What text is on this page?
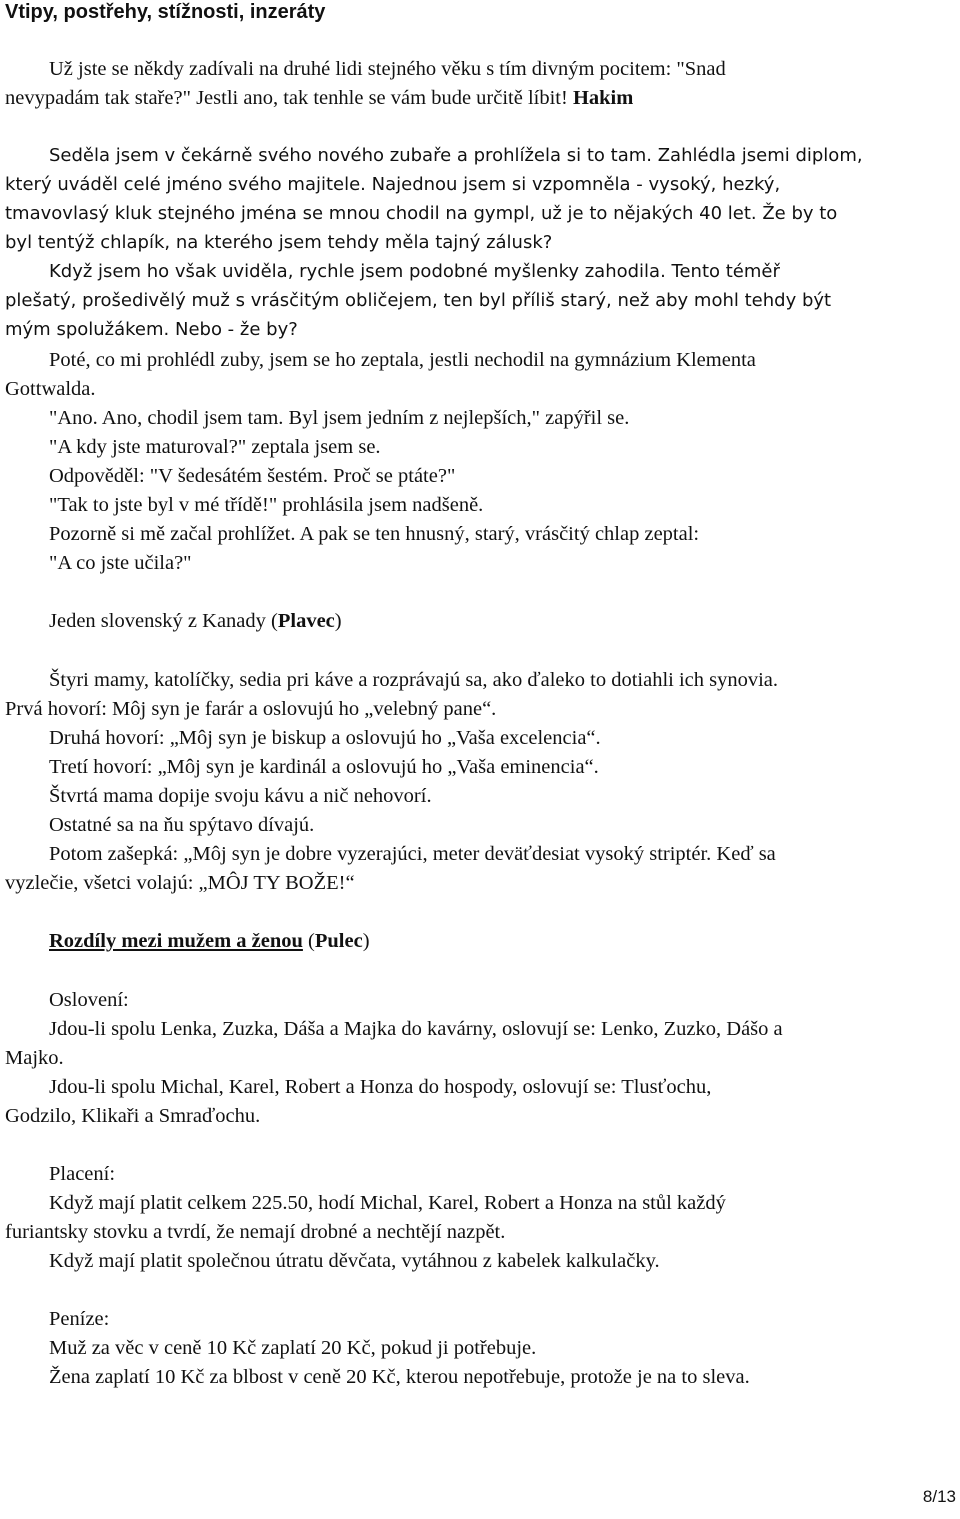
Vtipy, postřehy, stížnosti, inzeráty
Už jste se někdy zadívali na druhé lidi stejného věku s tím divným pocitem: "Snad
nevypadám tak staře?" Jestli ano, tak tenhle se vám bude určitě líbit! Hakim
Seděla jsem v čekárně svého nového zubaře a prohlížela si to tam. Zahlédla jsemi diplom,
který uváděl celé jméno svého majitele. Najednou jsem si vzpomněla - vysoký, hezký,
tmavovlasý kluk stejného jména se mnou chodil na gympl, už je to nějakých 40 let. Že by to
byl tentýž chlapík, na kterého jsem tehdy měla tajný zálusk?
Když jsem ho však uviděla, rychle jsem podobné myšlenky zahodila. Tento téměř
plešatý, prošedivělý muž s vrásčitým obličejem, ten byl příliš starý, než aby mohl tehdy být
mým spolužákem. Nebo - že by?
Poté, co mi prohlédl zuby, jsem se ho zeptala, jestli nechodil na gymnázium Klementa
Gottwalda.
"Ano. Ano, chodil jsem tam. Byl jsem jedním z nejlepších," zapýřil se.
"A kdy jste maturoval?" zeptala jsem se.
Odpověděl: "V šedesátém šestém. Proč se ptáte?"
"Tak to jste byl v mé třídě!" prohlásila jsem nadšeně.
Pozorně si mě začal prohlížet. A pak se ten hnusný, starý, vrásčitý chlap zeptal:
"A co jste učila?"
Jeden slovenský z Kanady (Plavec)
Štyri mamy, katolíčky, sedia pri káve a rozprávajú sa, ako ďaleko to dotiahli ich synovia.
Prvá hovorí: Môj syn je farár a oslovujú ho „velebný pane“.
Druhá hovorí: „Môj syn je biskup a oslovujú ho „Vaša excelencia“.
Tretí hovorí: „Môj syn je kardinál a oslovujú ho „Vaša eminencia“.
Štvrtá mama dopije svoju kávu a nič nehovorí.
Ostatné sa na ňu spýtavo dívajú.
Potom zašepká: „Môj syn je dobre vyzerajúci, meter deväťdesiat vysoký striptér. Keď sa
vyzlečie, všetci volajú: „MÔJ TY BOŽE!“
Rozdíly mezi mužem a ženou (Pulec)
Oslovení:
Jdou-li spolu Lenka, Zuzka, Dáša a Majka do kavárny, oslovují se: Lenko, Zuzko, Dášo a
Majko.
Jdou-li spolu Michal, Karel, Robert a Honza do hospody, oslovují se: Tlusťochu,
Godzilo, Klikaři a Smraďochu.
Placení:
Když mají platit celkem 225.50, hodí Michal, Karel, Robert a Honza na stůl každý
furiantsky stovku a tvrdí, že nemají drobné a nechtějí nazpět.
Když mají platit společnou útratu děvčata, vytáhnou z kabelek kalkulačky.
Peníze:
Muž za věc v ceně 10 Kč zaplatí 20 Kč, pokud ji potřebuje.
Žena zaplatí 10 Kč za blbost v ceně 20 Kč, kterou nepotřebuje, protože je na to sleva.
8/13
